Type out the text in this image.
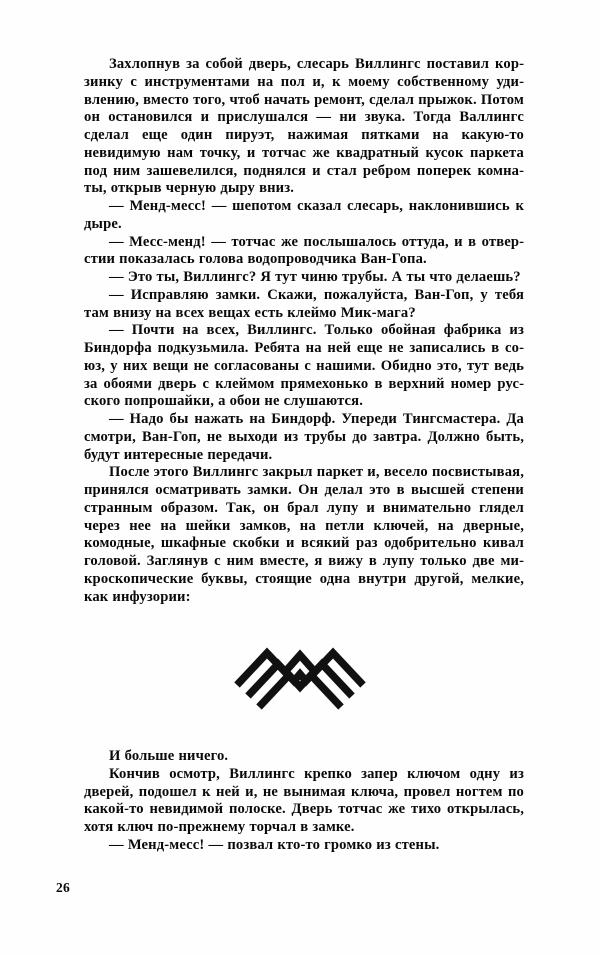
Захлопнув за собой дверь, слесарь Виллингс поставил корзинку с инструментами на пол и, к моему собственному удивлению, вместо того, чтоб начать ремонт, сделал прыжок. Потом он остановился и прислушался — ни звука. Тогда Валлингс сделал еще один пируэт, нажимая пятками на какую-то невидимую нам точку, и тотчас же квадратный кусок паркета под ним зашевелился, поднялся и стал ребром поперек комнаты, открыв черную дыру вниз.

— Менд-месс! — шепотом сказал слесарь, наклонившись к дыре.

— Месс-менд! — тотчас же послышалось оттуда, и в отверстии показалась голова водопроводчика Ван-Гопа.

— Это ты, Виллингс? Я тут чиню трубы. А ты что делаешь?

— Исправляю замки. Скажи, пожалуйста, Ван-Гоп, у тебя там внизу на всех вещах есть клеймо Мик-мага?

— Почти на всех, Виллингс. Только обойная фабрика из Биндорфа подкузьмила. Ребята на ней еще не записались в союз, у них вещи не согласованы с нашими. Обидно это, тут ведь за обоями дверь с клеймом прямехонько в верхний номер русского попрошайки, а обои не слушаются.

— Надо бы нажать на Биндорф. Упереди Тингсмастера. Да смотри, Ван-Гоп, не выходи из трубы до завтра. Должно быть, будут интересные передачи.

После этого Виллингс закрыл паркет и, весело посвистывая, принялся осматривать замки. Он делал это в высшей степени странным образом. Так, он брал лупу и внимательно глядел через нее на шейки замков, на петли ключей, на дверные, комодные, шкафные скобки и всякий раз одобрительно кивал головой. Заглянув с ним вместе, я вижу в лупу только две микроскопические буквы, стоящие одна внутри другой, мелкие, как инфузории:

И больше ничего.

Кончив осмотр, Виллингс крепко запер ключом одну из дверей, подошел к ней и, не вынимая ключа, провел ногтем по какой-то невидимой полоске. Дверь тотчас же тихо открылась, хотя ключ по-прежнему торчал в замке.

— Менд-месс! — позвал кто-то громко из стены.

26
